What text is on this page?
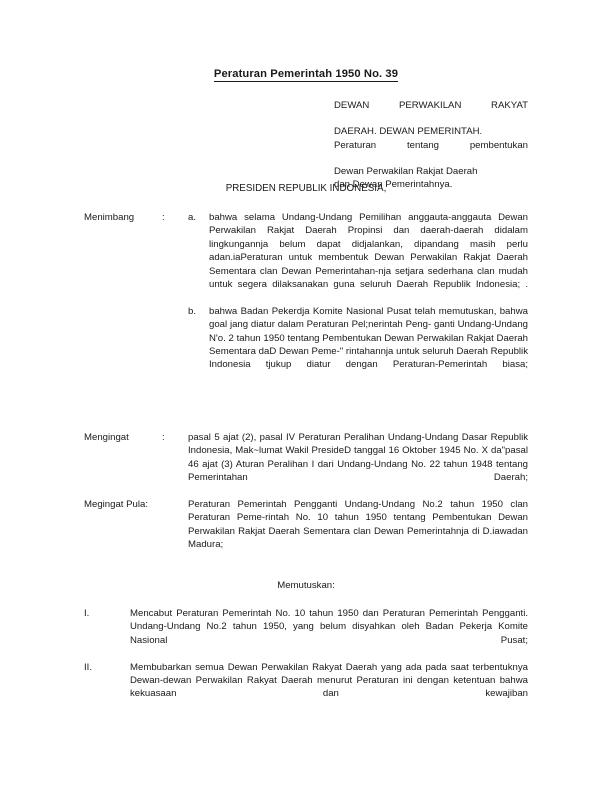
Peraturan Pemerintah 1950 No. 39

DEWAN PERWAKILAN RAKYAT

DAERAH. DEWAN PEMERINTAH.

Peraturan tentang pembentukan

Dewan Perwakilan Rakjat Daerah

dan Dewan Pemerintahnya.

PRESIDEN REPUBLIK INDONESIA,
Menimbang	: a. bahwa selama Undang-Undang Pemilihan anggauta-anggauta Dewan Perwakilan Rakjat Daerah Propinsi dan daerah-daerah didalam lingkungannja belum dapat didjalankan, dipandang masih perlu adan.iaPeraturan untuk membentuk Dewan Perwakilan Rakjat Daerah Sementara clan Dewan Pemerintahan-nja setjara sederhana clan mudah untuk segera dilaksanakan guna seluruh Daerah Republik Indonesia; .
b. bahwa Badan Pekerdja Komite Nasional Pusat telah memutuskan, bahwa goal jang diatur dalam Peraturan Pel;nerintah Peng- ganti Undang-Undang N'o. 2 tahun 1950 tentang Pembentukan Dewan Perwakilan Rakjat Daerah Sementara daD Dewan Peme-" rintahannja untuk seluruh Daerah Republik Indonesia tjukup diatur dengan Peraturan-Pemerintah biasa;
Mengingat	: pasal 5 ajat (2), pasal IV Peraturan Peralihan Undang-Undang Dasar Republik Indonesia, Mak~lumat Wakil PresideD tanggal 16 Oktober 1945 No. X da"pasal 46 ajat (3) Aturan Peralihan I dari Undang-Undang No. 22 tahun 1948 tentang Pemerintahan Daerah;
Megingat Pula:	Peraturan Pemerintah Pengganti Undang-Undang No.2 tahun 1950 clan Peraturan Peme-rintah No. 10 tahun 1950 tentang Pembentukan Dewan Perwakilan Rakjat Daerah Sementara clan Dewan Pemerintahnja di D.iawadan Madura;
Memutuskan:
I.	Mencabut Peraturan Pemerintah No. 10 tahun 1950 dan Peraturan Pemerintah Pengganti. Undang-Undang No.2 tahun 1950, yang belum disyahkan oleh Badan Pekerja Komite Nasional Pusat;
II.	Membubarkan semua Dewan Perwakilan Rakyat Daerah yang ada pada saat terbentuknya Dewan-dewan Perwakilan Rakyat Daerah menurut Peraturan ini dengan ketentuan bahwa kekuasaan dan kewajiban
